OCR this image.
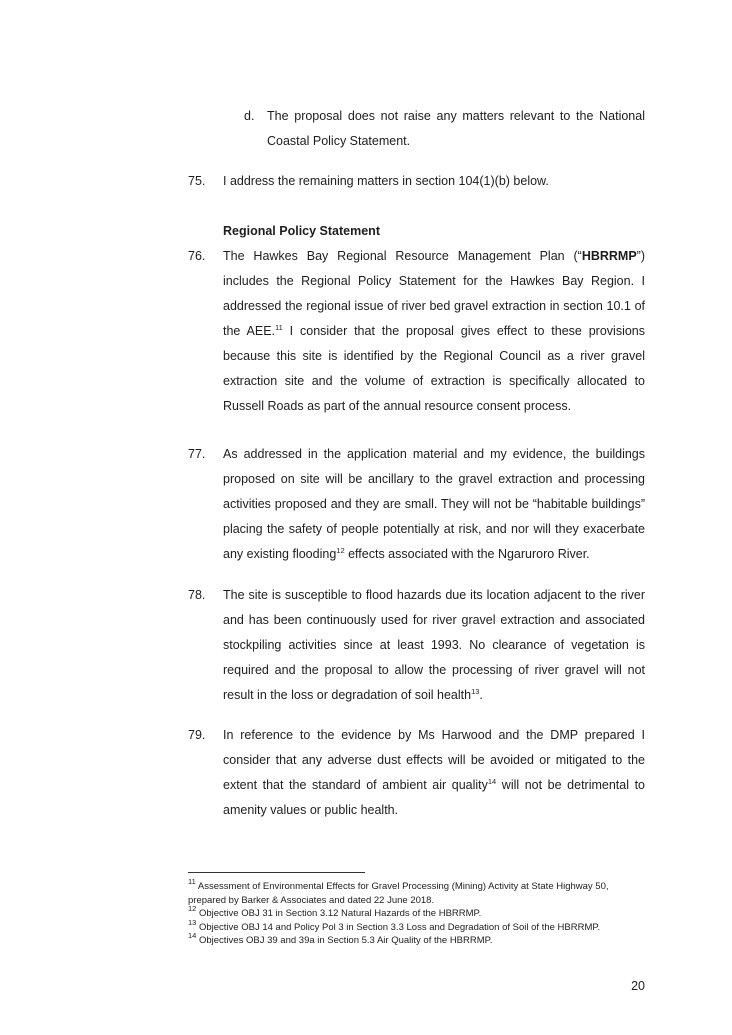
d. The proposal does not raise any matters relevant to the National Coastal Policy Statement.
75. I address the remaining matters in section 104(1)(b) below.
Regional Policy Statement
76. The Hawkes Bay Regional Resource Management Plan (“HBRRMP”) includes the Regional Policy Statement for the Hawkes Bay Region. I addressed the regional issue of river bed gravel extraction in section 10.1 of the AEE.$^{11}$ I consider that the proposal gives effect to these provisions because this site is identified by the Regional Council as a river gravel extraction site and the volume of extraction is specifically allocated to Russell Roads as part of the annual resource consent process.
77. As addressed in the application material and my evidence, the buildings proposed on site will be ancillary to the gravel extraction and processing activities proposed and they are small. They will not be “habitable buildings” placing the safety of people potentially at risk, and nor will they exacerbate any existing flooding$^{12}$ effects associated with the Ngaruroro River.
78. The site is susceptible to flood hazards due its location adjacent to the river and has been continuously used for river gravel extraction and associated stockpiling activities since at least 1993. No clearance of vegetation is required and the proposal to allow the processing of river gravel will not result in the loss or degradation of soil health$^{13}$.
79. In reference to the evidence by Ms Harwood and the DMP prepared I consider that any adverse dust effects will be avoided or mitigated to the extent that the standard of ambient air quality$^{14}$ will not be detrimental to amenity values or public health.
$^{11}$ Assessment of Environmental Effects for Gravel Processing (Mining) Activity at State Highway 50, prepared by Barker & Associates and dated 22 June 2018.
$^{12}$ Objective OBJ 31 in Section 3.12 Natural Hazards of the HBRRMP.
$^{13}$ Objective OBJ 14 and Policy Pol 3 in Section 3.3 Loss and Degradation of Soil of the HBRRMP.
$^{14}$ Objectives OBJ 39 and 39a in Section 5.3 Air Quality of the HBRRMP.
20
